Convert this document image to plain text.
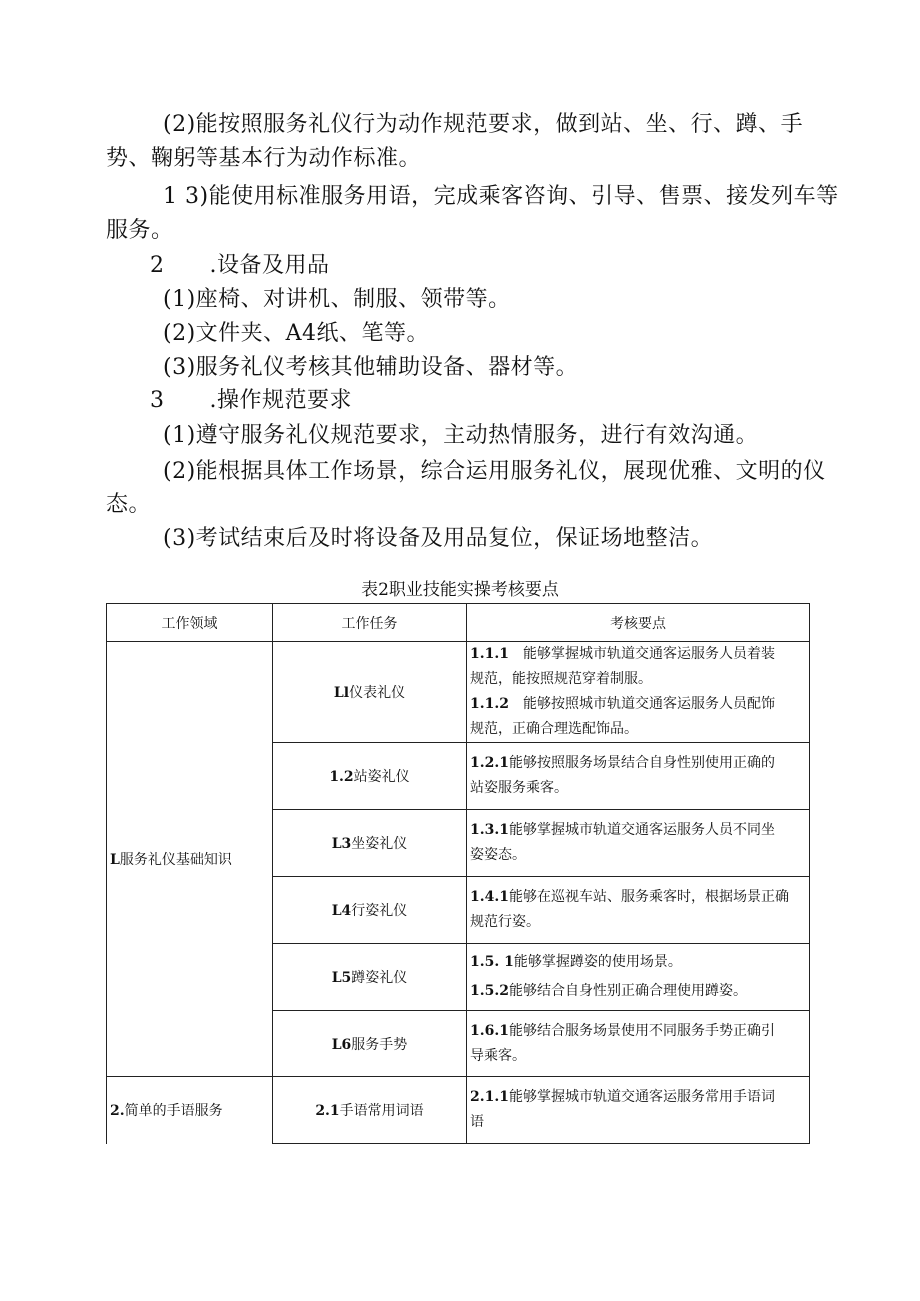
(2)能按照服务礼仪行为动作规范要求，做到站、坐、行、蹲、手
势、鞠躬等基本行为动作标准。
1 3)能使用标准服务用语，完成乘客咨询、引导、售票、接发列车等
服务。
2　　.设备及用品
(1)座椅、对讲机、制服、领带等。
(2)文件夹、A4纸、笔等。
(3)服务礼仪考核其他辅助设备、器材等。
3　　.操作规范要求
(1)遵守服务礼仪规范要求，主动热情服务，进行有效沟通。
(2)能根据具体工作场景，综合运用服务礼仪，展现优雅、文明的仪
态。
(3)考试结束后及时将设备及用品复位，保证场地整洁。
表2职业技能实操考核要点
工作领域	工作任务	考核要点
L服务礼仪基础知识	Ll仪表礼仪	1.1.1　能够掌握城市轨道交通客运服务人员着装
规范，能按照规范穿着制服。
1.1.2　能够按照城市轨道交通客运服务人员配饰
规范，正确合理选配饰品。

	1.2站姿礼仪	1.2.1能够按照服务场景结合自身性别使用正确的
站姿服务乘客。

	L3坐姿礼仪	1.3.1能够掌握城市轨道交通客运服务人员不同坐
姿姿态。

	L4行姿礼仪	1.4.1能够在巡视车站、服务乘客时，根据场景正确
规范行姿。

	L5蹲姿礼仪	1.5. 1能够掌握蹲姿的使用场景。
1.5.2能够结合自身性别正确合理使用蹲姿。

	L6服务手势	1.6.1能够结合服务场景使用不同服务手势正确引
导乘客。

2.简单的手语服务	2.1手语常用词语	2.1.1能够掌握城市轨道交通客运服务常用手语词
语
